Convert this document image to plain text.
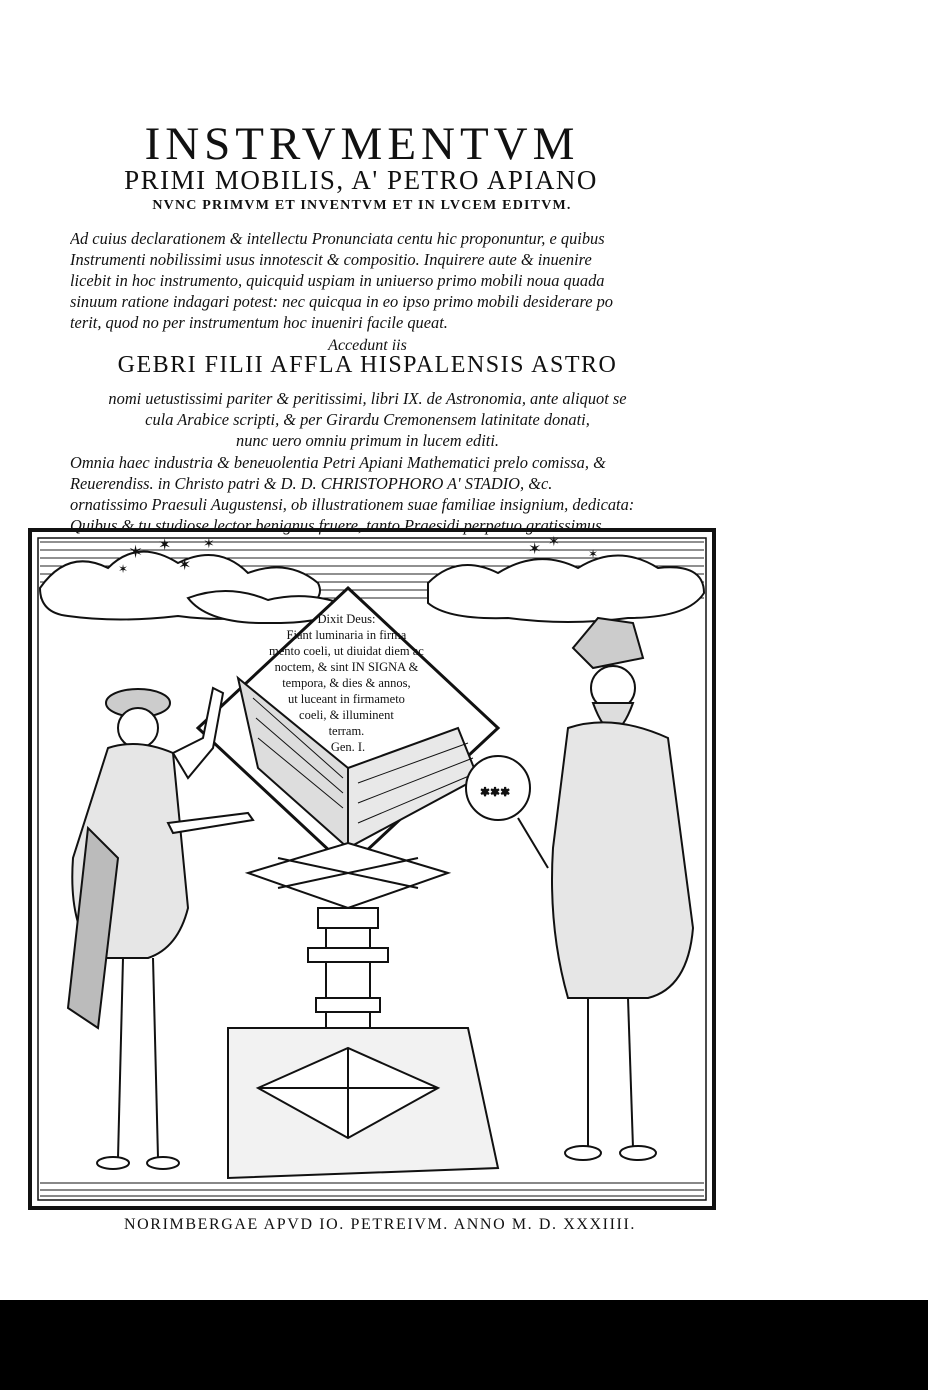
INSTRVMENTVM
PRIMI MOBILIS, A' PETRO APIANO
NVNC PRIMVM ET INVENTVM ET IN LVCEM EDITVM.
Ad cuius declarationem & intellectu Pronunciata centu hic proponuntur, e quibus
Instrumenti nobilissimi usus innotescit & compositio. Inquirere aute & inuenire
licebit in hoc instrumento, quicquid uspiam in uniuerso primo mobili noua quada
sinuum ratione indagari potest: nec quicqua in eo ipso primo mobili desiderare po
terit, quod no per instrumentum hoc inueniri facile queat.
Accedunt iis
GEBRI FILII AFFLA HISPALENSIS ASTRO
nomi uetustissimi pariter & peritissimi, libri IX. de Astronomia, ante aliquot se
cula Arabice scripti, & per Girardu Cremonensem latinitate donati,
nunc uero omniu primum in lucem editi.
Omnia haec industria & beneuolentia Petri Apiani Mathematici prelo comissa, &
Reuerendiss. in Christo patri & D. D. CHRISTOPHORO A' STADIO, &c.
ornatissimo Praesuli Augustensi, ob illustrationem suae familiae insignium, dedicata:
Quibus & tu studiose lector benignus fruere, tanto Praesidi perpetuo gratissimus.
✶ ✶
✶
✶
✶
✶ ✶
✶
Dixit Deus: Fiant luminaria in firma mento coeli, ut diuidat diem ac noctem, & sint IN SIGNA & tempora, & dies & annos, ut luceant in firmameto coeli, & illuminent terram. Gen. I.
✶✶✶
NORIMBERGAE APVD IO. PETREIVM. ANNO M. D. XXXIIII.
